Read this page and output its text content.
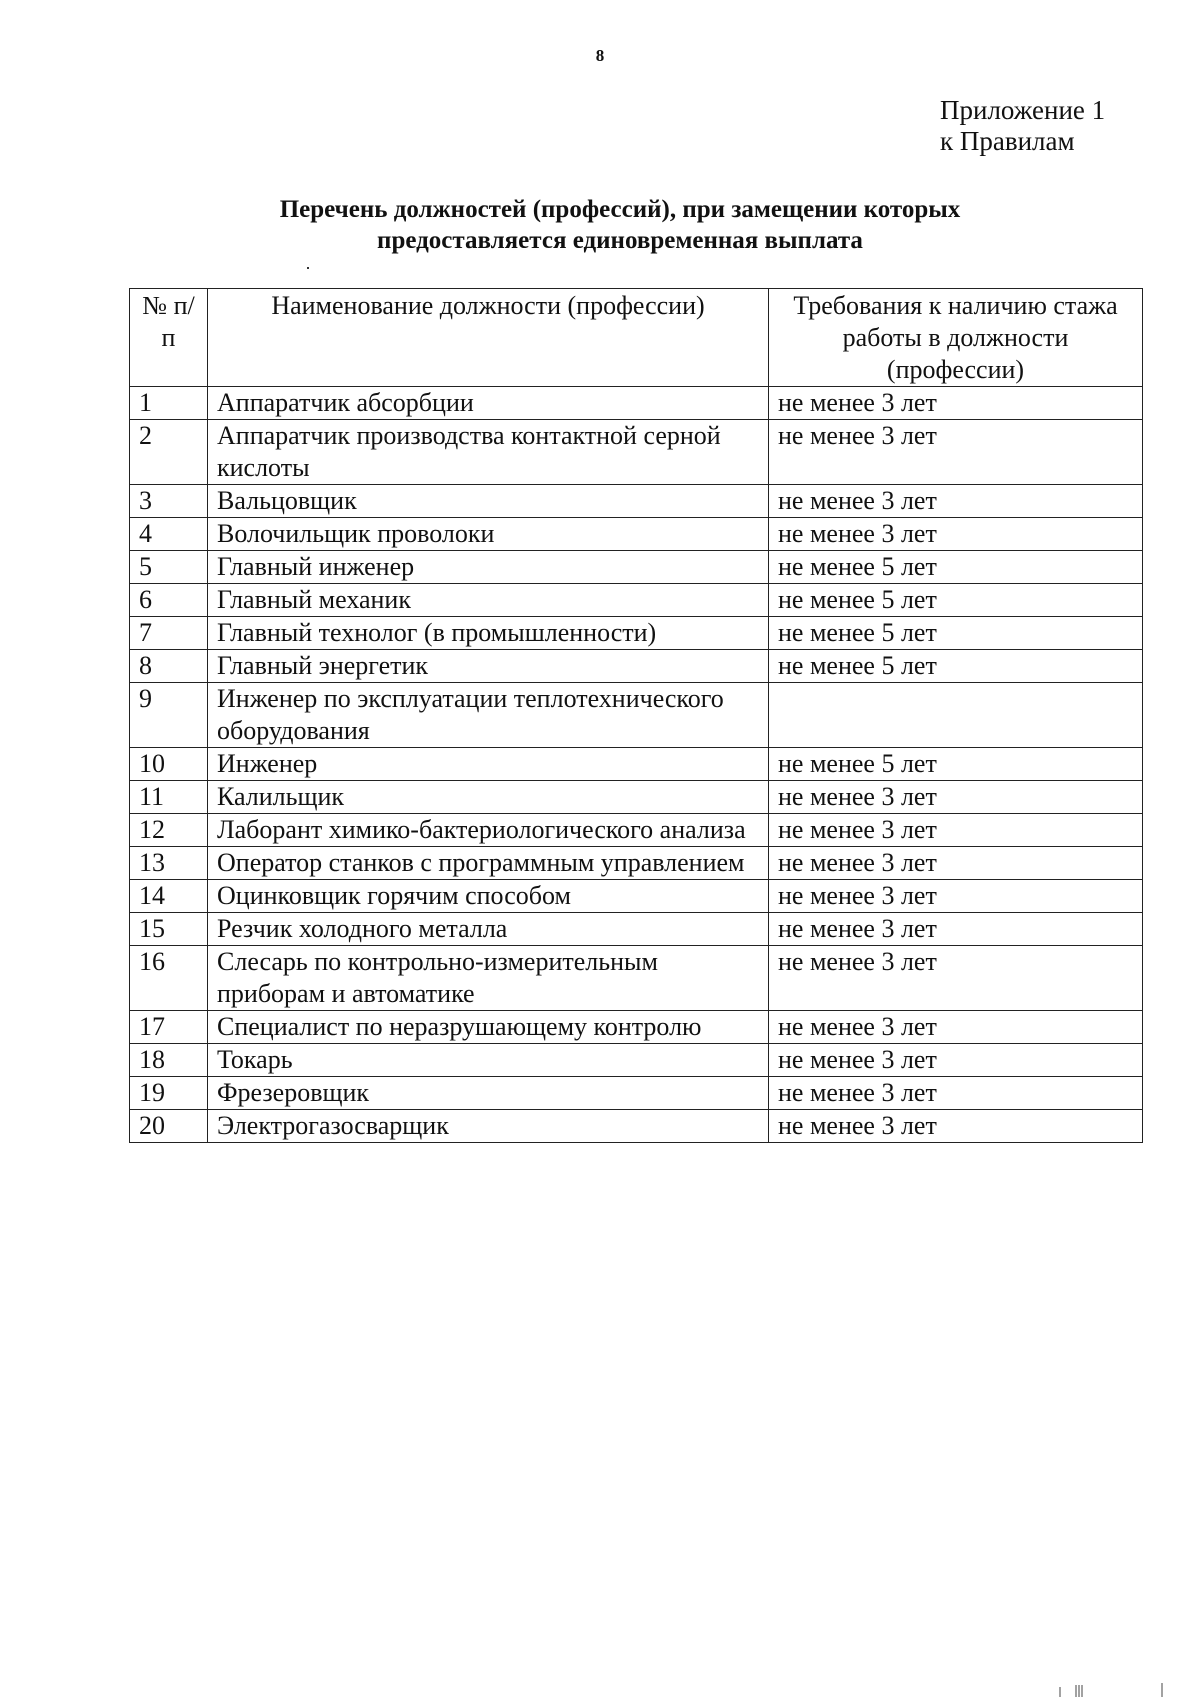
8
Приложение 1
к Правилам
Перечень должностей (профессий), при замещении которых
предоставляется единовременная выплата
№ п/п	Наименование должности (профессии)	Требования к наличию стажа работы в должности (профессии)
1	Аппаратчик абсорбции	не менее 3 лет
2	Аппаратчик производства контактной серной кислоты	не менее 3 лет
3	Вальцовщик	не менее 3 лет
4	Волочильщик проволоки	не менее 3 лет
5	Главный инженер	не менее 5 лет
6	Главный механик	не менее 5 лет
7	Главный технолог (в промышленности)	не менее 5 лет
8	Главный энергетик	не менее 5 лет
9	Инженер по эксплуатации теплотехнического оборудования	
10	Инженер	не менее 5 лет
11	Калильщик	не менее 3 лет
12	Лаборант химико-бактериологического анализа	не менее 3 лет
13	Оператор станков с программным управлением	не менее 3 лет
14	Оцинковщик горячим способом	не менее 3 лет
15	Резчик холодного металла	не менее 3 лет
16	Слесарь по контрольно-измерительным приборам и автоматике	не менее 3 лет
17	Специалист по неразрушающему контролю	не менее 3 лет
18	Токарь	не менее 3 лет
19	Фрезеровщик	не менее 3 лет
20	Электрогазосварщик	не менее 3 лет
